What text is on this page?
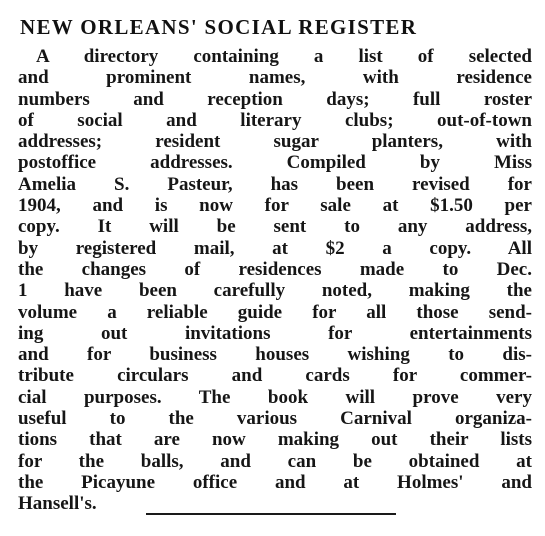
NEW ORLEANS' SOCIAL REGISTER
A directory containing a list of selected
and prominent names, with residence
numbers and reception days; full roster
of social and literary clubs; out-of-town
addresses; resident sugar planters, with
postoffice addresses. Compiled by Miss
Amelia S. Pasteur, has been revised for
1904, and is now for sale at $1.50 per
copy. It will be sent to any address,
by registered mail, at $2 a copy. All
the changes of residences made to Dec.
1 have been carefully noted, making the
volume a reliable guide for all those send-
ing out invitations for entertainments
and for business houses wishing to dis-
tribute circulars and cards for commer-
cial purposes. The book will prove very
useful to the various Carnival organiza-
tions that are now making out their lists
for the balls, and can be obtained at
the Picayune office and at Holmes' and
Hansell's.
